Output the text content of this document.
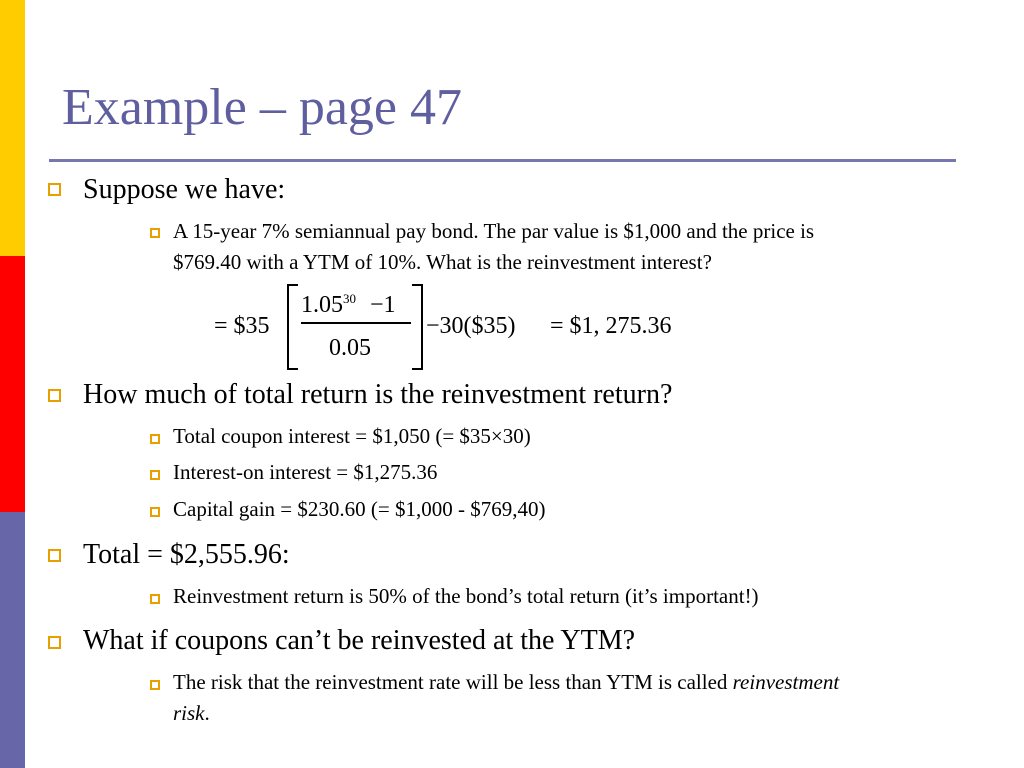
Example – page 47
Suppose we have:
A 15-year 7% semiannual pay bond. The par value is $1,000 and the price is
$769.40 with a YTM of 10%. What is the reinvestment interest?
= $35
$1.05^{30} -1$
0.05
−30($35) = $1, 275.36
How much of total return is the reinvestment return?
Total coupon interest = $1,050 (= $35×30)
Interest-on interest = $1,275.36
Capital gain = $230.60 (= $1,000 - $769,40)
Total = $2,555.96:
Reinvestment return is 50% of the bond’s total return (it’s important!)
What if coupons can’t be reinvested at the YTM?
The risk that the reinvestment rate will be less than YTM is called reinvestment
risk.
